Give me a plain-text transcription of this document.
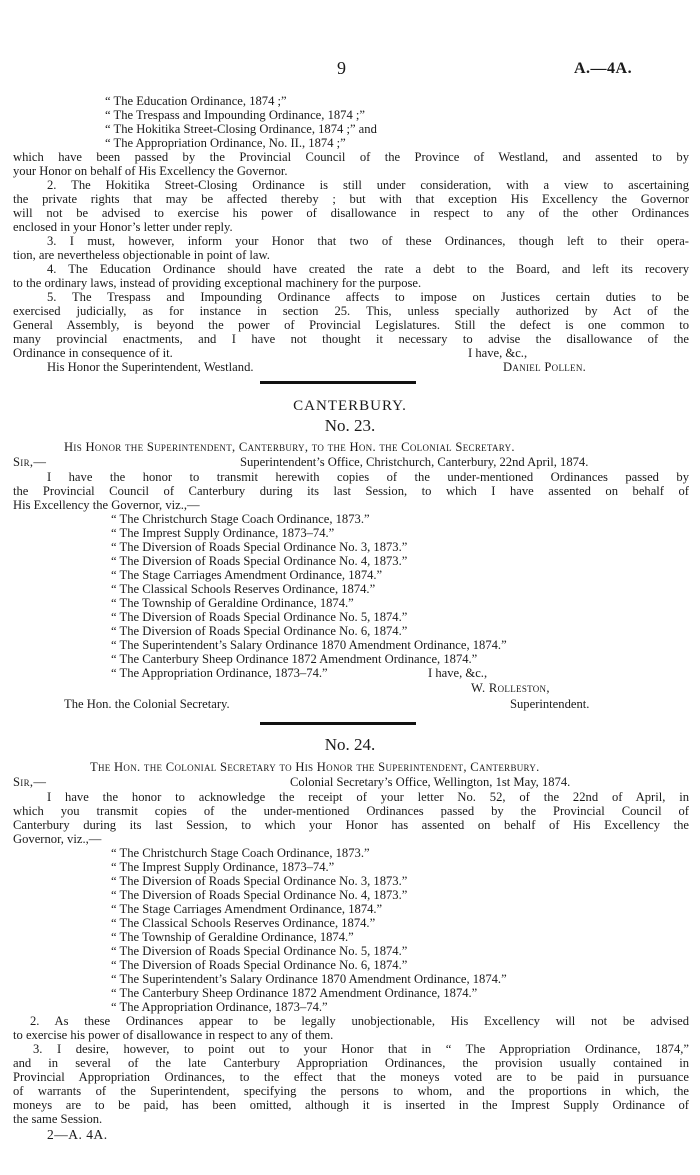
9	A.—4A.
“ The Education Ordinance, 1874 ;”
“ The Trespass and Impounding Ordinance, 1874 ;”
“ The Hokitika Street-Closing Ordinance, 1874 ;” and
“ The Appropriation Ordinance, No. II., 1874 ;”
which have been passed by the Provincial Council of the Province of Westland, and assented to by
your Honor on behalf of His Excellency the Governor.
2. The Hokitika Street-Closing Ordinance is still under consideration, with a view to ascertaining
the private rights that may be affected thereby ; but with that exception His Excellency the Governor
will not be advised to exercise his power of disallowance in respect to any of the other Ordinances
enclosed in your Honor’s letter under reply.
3. I must, however, inform your Honor that two of these Ordinances, though left to their opera-
tion, are nevertheless objectionable in point of law.
4. The Education Ordinance should have created the rate a debt to the Board, and left its recovery
to the ordinary laws, instead of providing exceptional machinery for the purpose.
5. The Trespass and Impounding Ordinance affects to impose on Justices certain duties to be
exercised judicially, as for instance in section 25. This, unless specially authorized by Act of the
General Assembly, is beyond the power of Provincial Legislatures. Still the defect is one common to
many provincial enactments, and I have not thought it necessary to advise the disallowance of the
Ordinance in consequence of it.	I have, &c.,
His Honor the Superintendent, Westland.	Daniel Pollen.
CANTERBURY.
No. 23.
His Honor the Superintendent, Canterbury, to the Hon. the Colonial Secretary.
Sir,—	Superintendent’s Office, Christchurch, Canterbury, 22nd April, 1874.
I have the honor to transmit herewith copies of the under-mentioned Ordinances passed by
the Provincial Council of Canterbury during its last Session, to which I have assented on behalf of
His Excellency the Governor, viz.,—
“ The Christchurch Stage Coach Ordinance, 1873.”
“ The Imprest Supply Ordinance, 1873–74.”
“ The Diversion of Roads Special Ordinance No. 3, 1873.”
“ The Diversion of Roads Special Ordinance No. 4, 1873.”
“ The Stage Carriages Amendment Ordinance, 1874.”
“ The Classical Schools Reserves Ordinance, 1874.”
“ The Township of Geraldine Ordinance, 1874.”
“ The Diversion of Roads Special Ordinance No. 5, 1874.”
“ The Diversion of Roads Special Ordinance No. 6, 1874.”
“ The Superintendent’s Salary Ordinance 1870 Amendment Ordinance, 1874.”
“ The Canterbury Sheep Ordinance 1872 Amendment Ordinance, 1874.”
“ The Appropriation Ordinance, 1873–74.”	I have, &c.,
W. Rolleston,
The Hon. the Colonial Secretary.	Superintendent.
No. 24.
The Hon. the Colonial Secretary to His Honor the Superintendent, Canterbury.
Sir,—	Colonial Secretary’s Office, Wellington, 1st May, 1874.
I have the honor to acknowledge the receipt of your letter No. 52, of the 22nd of April, in
which you transmit copies of the under-mentioned Ordinances passed by the Provincial Council of
Canterbury during its last Session, to which your Honor has assented on behalf of His Excellency the
Governor, viz.,—
“ The Christchurch Stage Coach Ordinance, 1873.”
“ The Imprest Supply Ordinance, 1873–74.”
“ The Diversion of Roads Special Ordinance No. 3, 1873.”
“ The Diversion of Roads Special Ordinance No. 4, 1873.”
“ The Stage Carriages Amendment Ordinance, 1874.”
“ The Classical Schools Reserves Ordinance, 1874.”
“ The Township of Geraldine Ordinance, 1874.”
“ The Diversion of Roads Special Ordinance No. 5, 1874.”
“ The Diversion of Roads Special Ordinance No. 6, 1874.”
“ The Superintendent’s Salary Ordinance 1870 Amendment Ordinance, 1874.”
“ The Canterbury Sheep Ordinance 1872 Amendment Ordinance, 1874.”
“ The Appropriation Ordinance, 1873–74.”
2. As these Ordinances appear to be legally unobjectionable, His Excellency will not be advised
to exercise his power of disallowance in respect to any of them.
3. I desire, however, to point out to your Honor that in “ The Appropriation Ordinance, 1874,”
and in several of the late Canterbury Appropriation Ordinances, the provision usually contained in
Provincial Appropriation Ordinances, to the effect that the moneys voted are to be paid in pursuance
of warrants of the Superintendent, specifying the persons to whom, and the proportions in which, the
moneys are to be paid, has been omitted, although it is inserted in the Imprest Supply Ordinance of
the same Session.
2—A. 4A.
